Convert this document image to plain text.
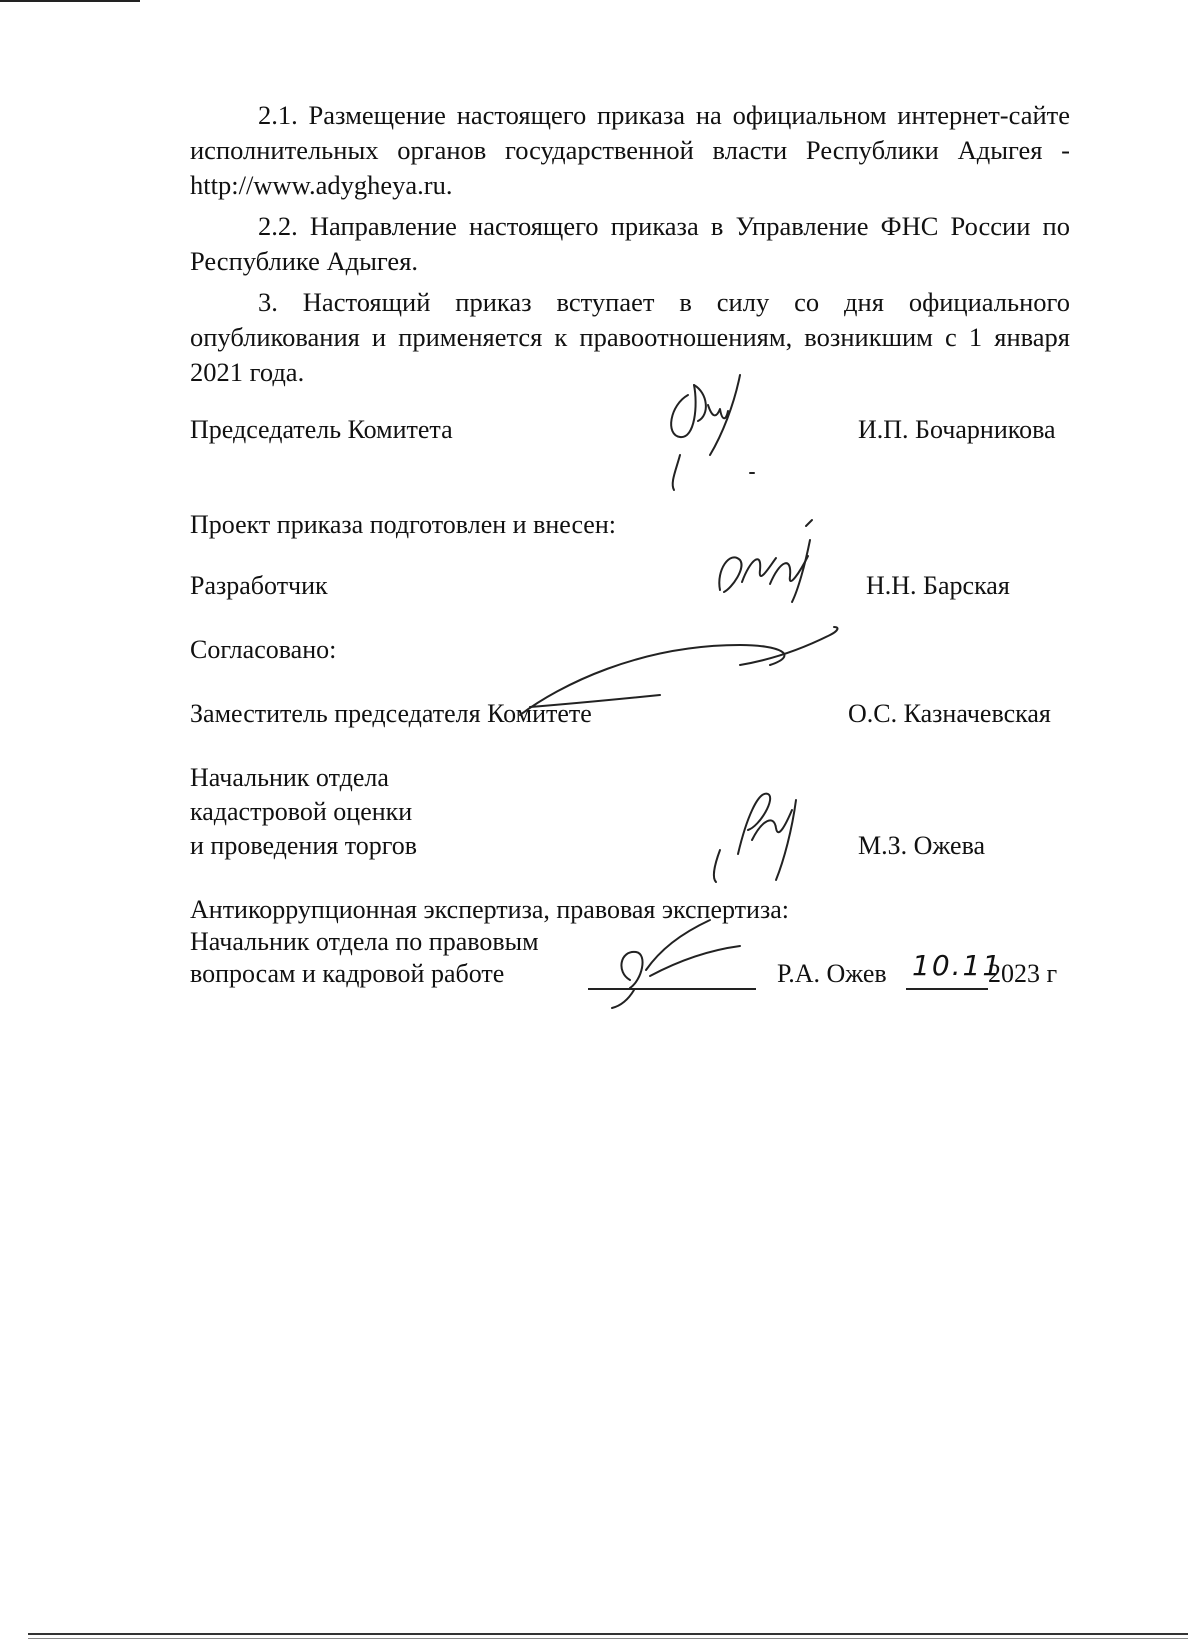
2.1. Размещение настоящего приказа на официальном интернет-сайте исполнительных органов государственной власти Республики Адыгея - http://www.adygheya.ru.

2.2. Направление настоящего приказа в Управление ФНС России по Республике Адыгея.

3. Настоящий приказ вступает в силу со дня официального опубликования и применяется к правоотношениям, возникшим с 1 января 2021 года.

Председатель Комитета	И.П. Бочарникова
Проект приказа подготовлен и внесен:
Разработчик	Н.Н. Барская
Согласовано:
Заместитель председателя Комитете	О.С. Казначевская
Начальник отдела
кадастровой оценки
и проведения торгов	М.З. Ожева
Антикоррупционная экспертиза, правовая экспертиза:
Начальник отдела по правовым
вопросам и кадровой работе	Р.А. Ожев 10.11
2023 г
